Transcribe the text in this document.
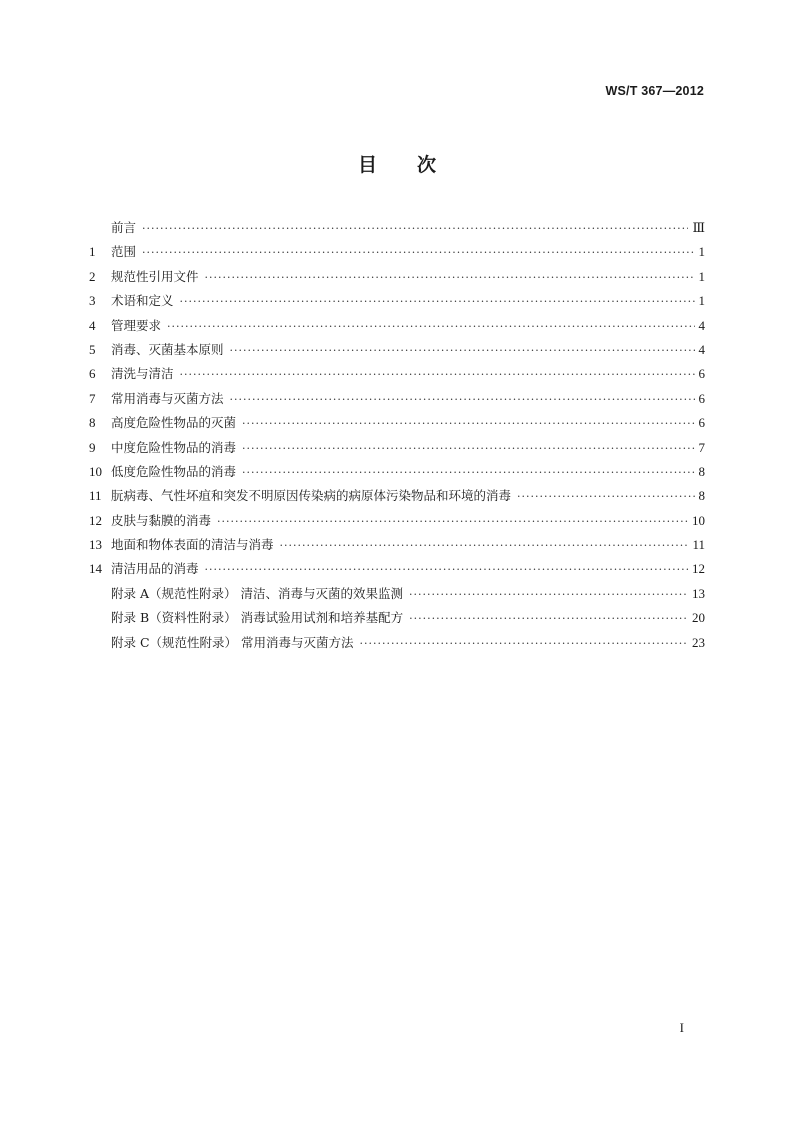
WS/T 367—2012
目次
前言 ·····	Ⅲ
1	范围 ·····	1
2	规范性引用文件 ·····	1
3	术语和定义 ·····	1
4	管理要求 ·····	4
5	消毒、灭菌基本原则 ·····	4
6	清洗与清洁 ·····	6
7	常用消毒与灭菌方法 ·····	6
8	高度危险性物品的灭菌 ·····	6
9	中度危险性物品的消毒 ·····	7
10 低度危险性物品的消毒 ·····	8
11 朊病毒、气性坏疽和突发不明原因传染病的病原体污染物品和环境的消毒 ·····	8
12 皮肤与黏膜的消毒 ·····	10
13 地面和物体表面的清洁与消毒 ·····	11
14 清洁用品的消毒 ·····	12
附录 A（规范性附录） 清洁、消毒与灭菌的效果监测 ·····	13
附录 B（资料性附录） 消毒试验用试剂和培养基配方 ·····	20
附录 C（规范性附录） 常用消毒与灭菌方法 ·····	23
I
